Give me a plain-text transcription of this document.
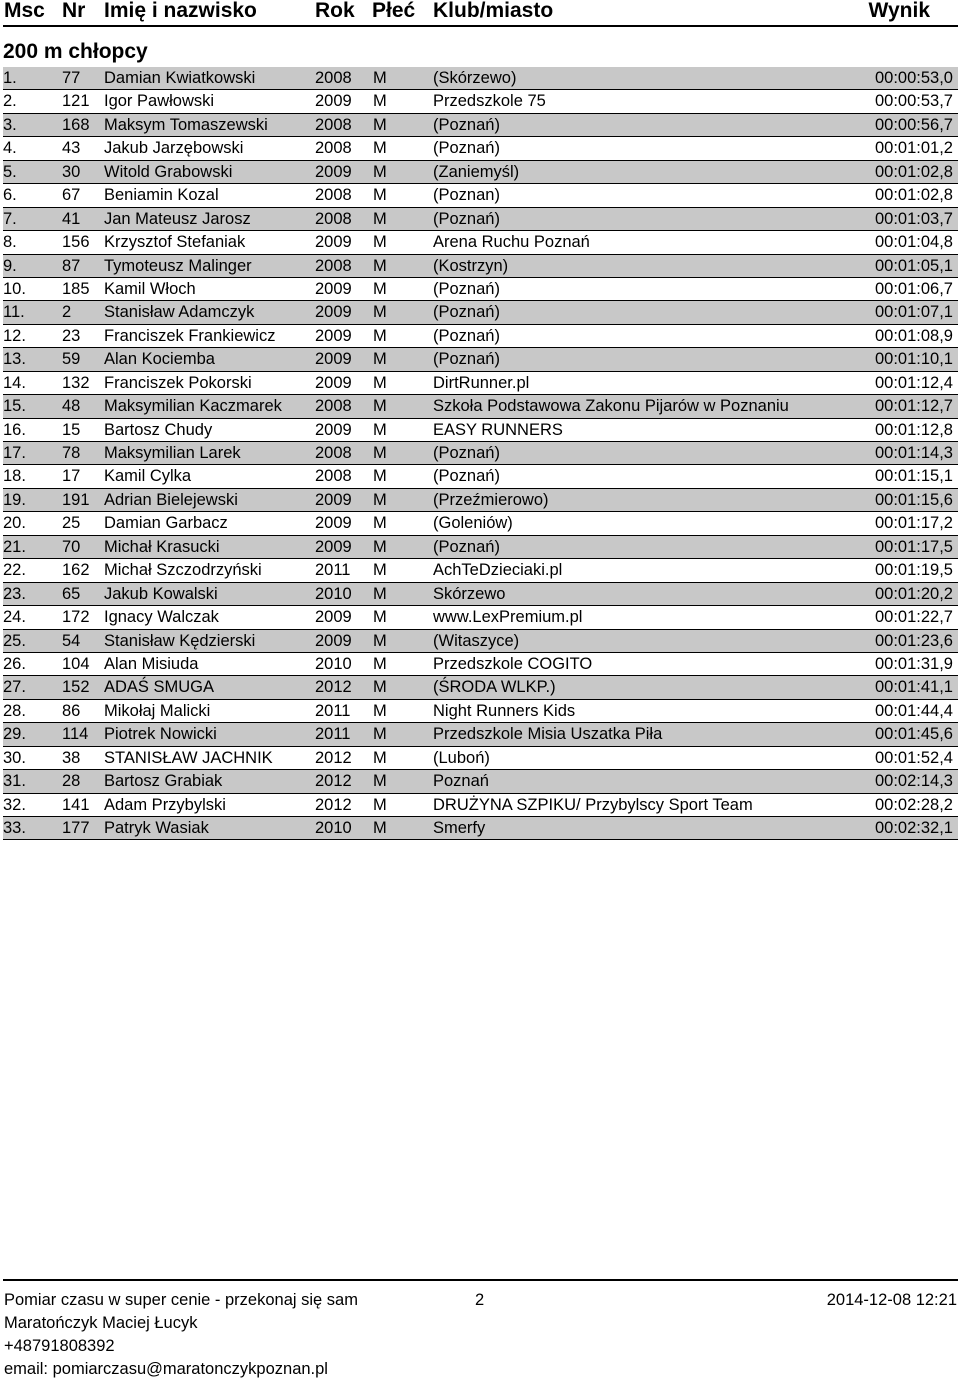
Msc Nr Imię i nazwisko	Rok Płeć Klub/miasto	Wynik
200 m chłopcy
1.	77 Damian Kwiatkowski	2008 M	(Skórzewo)	00:00:53,0
2.	121 Igor Pawłowski	2009 M	Przedszkole 75	00:00:53,7
3.	168 Maksym Tomaszewski	2008 M	(Poznań)	00:00:56,7
4.	43 Jakub Jarzębowski	2008 M	(Poznań)	00:01:01,2
5.	30 Witold Grabowski	2009 M	(Zaniemyśl)	00:01:02,8
6.	67 Beniamin Kozal	2008 M	(Poznan)	00:01:02,8
7.	41 Jan Mateusz Jarosz	2008 M	(Poznań)	00:01:03,7
8.	156 Krzysztof Stefaniak	2009 M	Arena Ruchu Poznań	00:01:04,8
9.	87 Tymoteusz Malinger	2008 M	(Kostrzyn)	00:01:05,1
10. 185 Kamil Włoch	2009 M	(Poznań)	00:01:06,7
11. 2 Stanisław Adamczyk	2009 M	(Poznań)	00:01:07,1
12. 23 Franciszek Frankiewicz 2009 M	(Poznań)	00:01:08,9
13. 59 Alan Kociemba	2009 M	(Poznań)	00:01:10,1
14. 132 Franciszek Pokorski	2009 M	DirtRunner.pl	00:01:12,4
15. 48 Maksymilian Kaczmarek 2008 M	Szkoła Podstawowa Zakonu Pijarów w Poznaniu	00:01:12,7
16. 15 Bartosz Chudy	2009 M	EASY RUNNERS	00:01:12,8
17. 78 Maksymilian Larek	2008 M	(Poznań)	00:01:14,3
18. 17 Kamil Cylka	2008 M	(Poznań)	00:01:15,1
19. 191 Adrian Bielejewski	2009 M	(Przeźmierowo)	00:01:15,6
20. 25 Damian Garbacz	2009 M	(Goleniów)	00:01:17,2
21. 70 Michał Krasucki	2009 M	(Poznań)	00:01:17,5
22. 162 Michał Szczodrzyński	2011 M	AchTeDzieciaki.pl	00:01:19,5
23. 65 Jakub Kowalski	2010 M	Skórzewo	00:01:20,2
24. 172 Ignacy Walczak	2009 M	www.LexPremium.pl	00:01:22,7
25. 54 Stanisław Kędzierski	2009 M	(Witaszyce)	00:01:23,6
26. 104 Alan Misiuda	2010 M	Przedszkole COGITO	00:01:31,9
27. 152 ADAŚ SMUGA	2012 M	(ŚRODA WLKP.)	00:01:41,1
28. 86 Mikołaj Malicki	2011 M	Night Runners Kids	00:01:44,4
29. 114 Piotrek Nowicki	2011 M	Przedszkole Misia Uszatka Piła	00:01:45,6
30. 38 STANISŁAW JACHNIK	2012 M	(Luboń)	00:01:52,4
31. 28 Bartosz Grabiak	2012 M	Poznań	00:02:14,3
32. 141 Adam Przybylski	2012 M	DRUŻYNA SZPIKU/ Przybylscy Sport Team	00:02:28,2
33. 177 Patryk Wasiak	2010 M	Smerfy	00:02:32,1
Pomiar czasu w super cenie - przekonaj się sam
Maratończyk Maciej Łucyk
+48791808392
email: pomiarczasu@maratonczykpoznan.pl
2	2014-12-08 12:21
